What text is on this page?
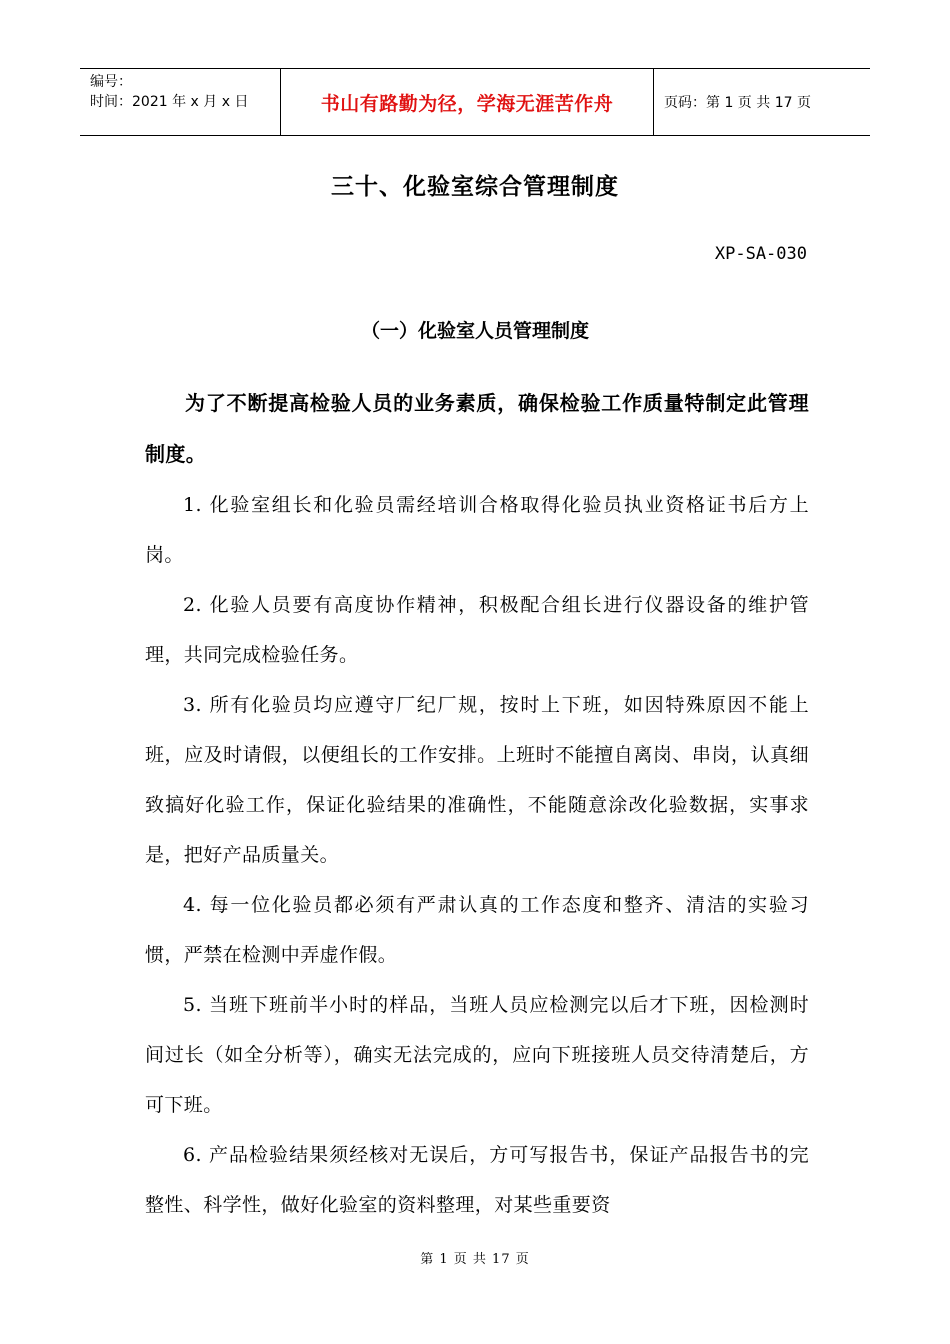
编号：
时间：2021 年 x 月 x 日	书山有路勤为径，学海无涯苦作舟	页码：第 1 页 共 17 页
三十、化验室综合管理制度
XP-SA-030
（一）化验室人员管理制度

为了不断提高检验人员的业务素质，确保检验工作质量特制定此管理制度。

1. 化验室组长和化验员需经培训合格取得化验员执业资格证书后方上岗。

2. 化验人员要有高度协作精神，积极配合组长进行仪器设备的维护管理，共同完成检验任务。

3. 所有化验员均应遵守厂纪厂规，按时上下班，如因特殊原因不能上班，应及时请假，以便组长的工作安排。上班时不能擅自离岗、串岗，认真细致搞好化验工作，保证化验结果的准确性，不能随意涂改化验数据，实事求是，把好产品质量关。

4. 每一位化验员都必须有严肃认真的工作态度和整齐、清洁的实验习惯，严禁在检测中弄虚作假。

5. 当班下班前半小时的样品，当班人员应检测完以后才下班，因检测时间过长（如全分析等），确实无法完成的，应向下班接班人员交待清楚后，方可下班。

6. 产品检验结果须经核对无误后，方可写报告书，保证产品报告书的完整性、科学性，做好化验室的资料整理，对某些重要资

第 1 页 共 17 页
